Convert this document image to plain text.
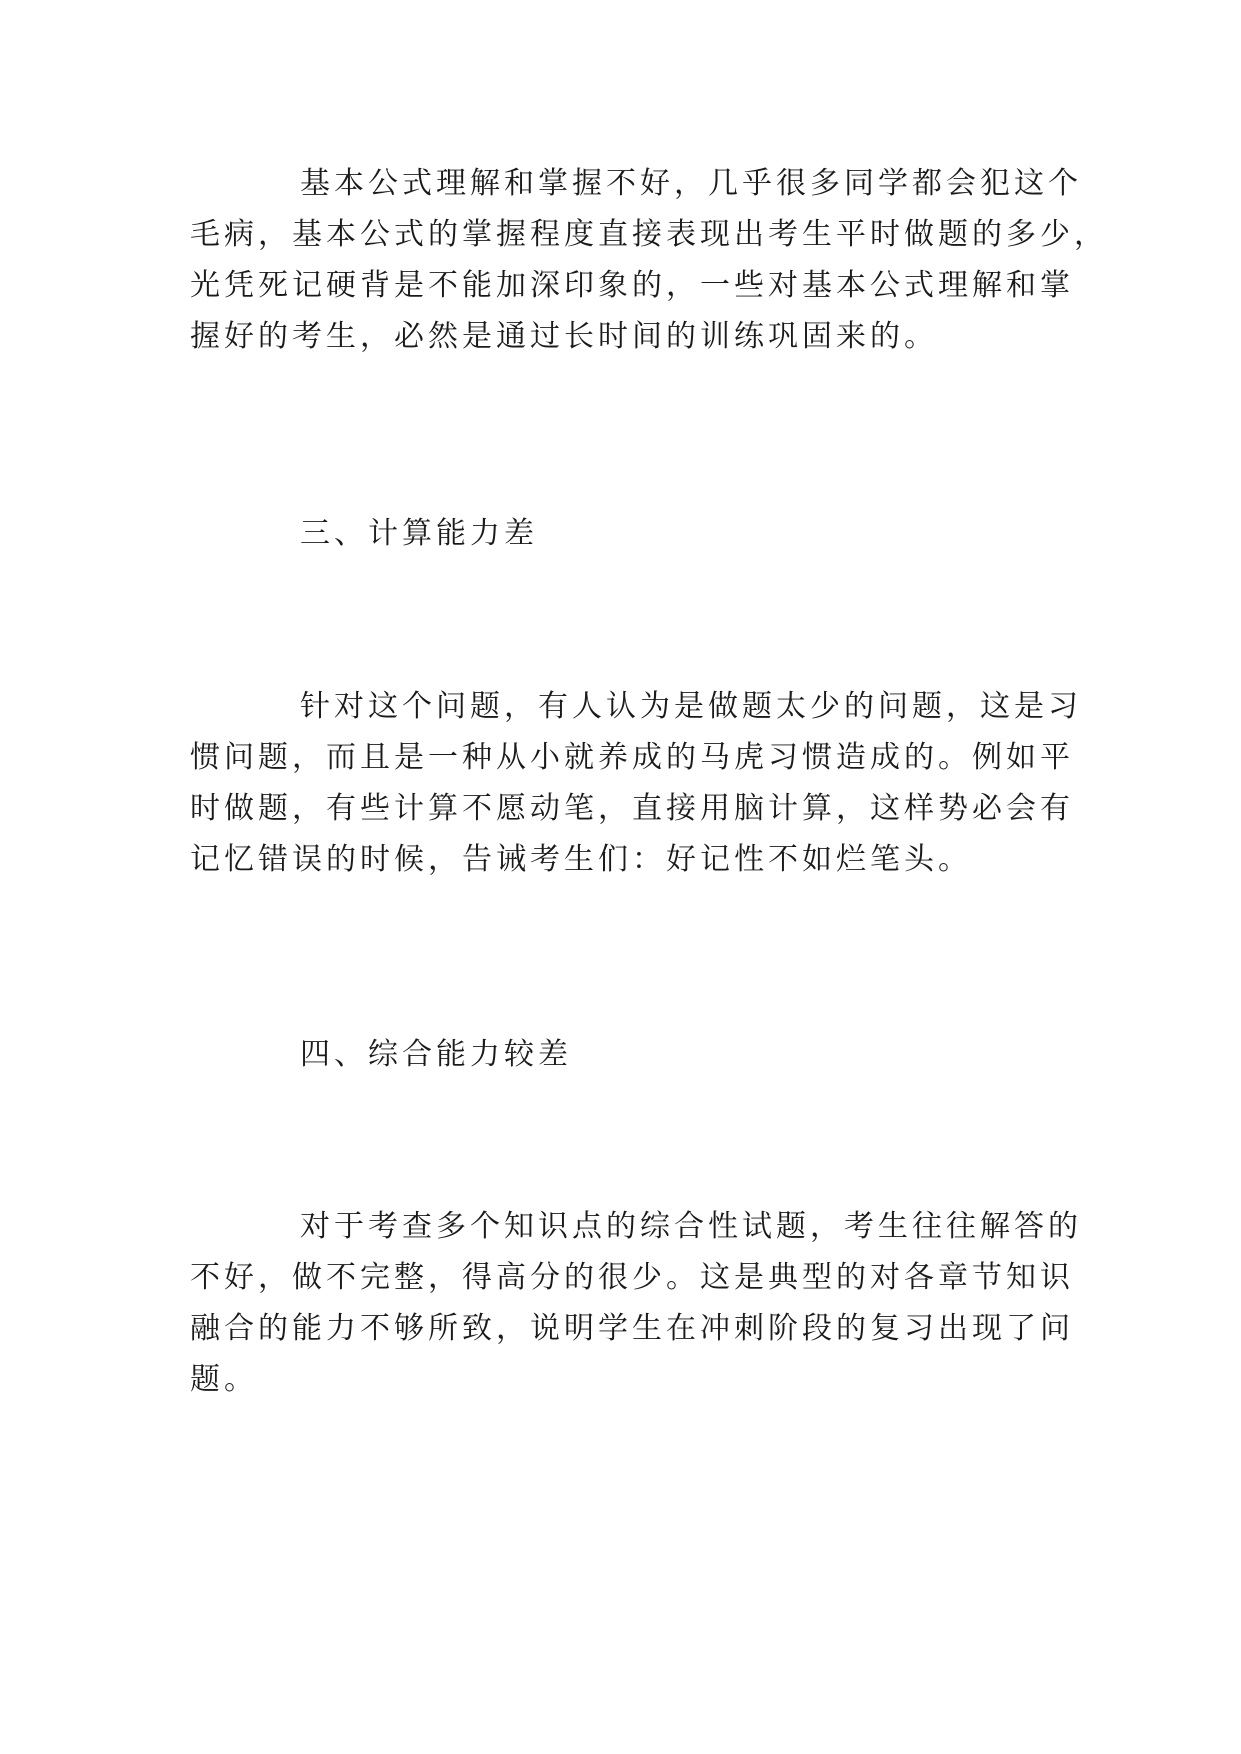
基本公式理解和掌握不好，几乎很多同学都会犯这个
毛病，基本公式的掌握程度直接表现出考生平时做题的多少，
光凭死记硬背是不能加深印象的，一些对基本公式理解和掌
握好的考生，必然是通过长时间的训练巩固来的。
三、计算能力差
针对这个问题，有人认为是做题太少的问题，这是习
惯问题，而且是一种从小就养成的马虎习惯造成的。例如平
时做题，有些计算不愿动笔，直接用脑计算，这样势必会有
记忆错误的时候，告诫考生们：好记性不如烂笔头。
四、综合能力较差
对于考查多个知识点的综合性试题，考生往往解答的
不好，做不完整，得高分的很少。这是典型的对各章节知识
融合的能力不够所致，说明学生在冲刺阶段的复习出现了问
题。
